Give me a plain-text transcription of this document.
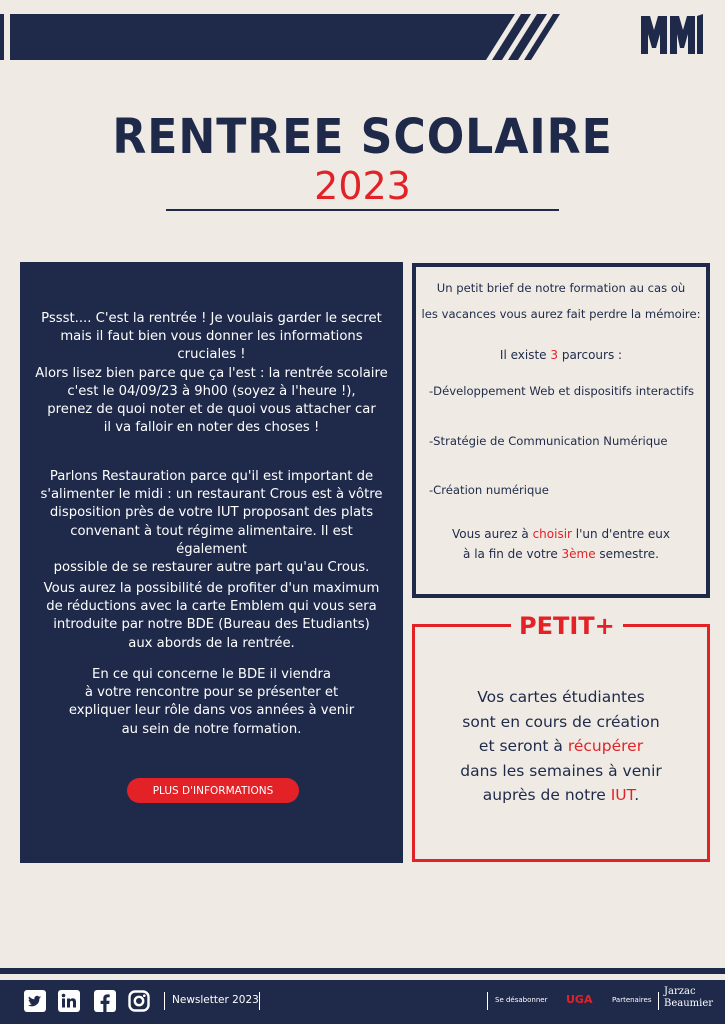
RENTREE SCOLAIRE
2023
Pssst.... C'est la rentrée ! Je voulais garder le secret
mais il faut bien vous donner les informations
cruciales !
Alors lisez bien parce que ça l'est : la rentrée scolaire
c'est le 04/09/23 à 9h00 (soyez à l'heure !),
prenez de quoi noter et de quoi vous attacher car
il va falloir en noter des choses !
Parlons Restauration parce qu'il est important de
s'alimenter le midi : un restaurant Crous est à vôtre
disposition près de votre IUT proposant des plats
convenant à tout régime alimentaire. Il est également
possible de se restaurer autre part qu'au Crous.
Vous aurez la possibilité de profiter d'un maximum
de réductions avec la carte Emblem qui vous sera
introduite par notre BDE (Bureau des Etudiants)
aux abords de la rentrée.
En ce qui concerne le BDE il viendra
à votre rencontre pour se présenter et
expliquer leur rôle dans vos années à venir
au sein de notre formation.
PLUS D'INFORMATIONS
Un petit brief de notre formation au cas où
les vacances vous aurez fait perdre la mémoire:
Il existe 3 parcours :
-Développement Web et dispositifs interactifs
-Stratégie de Communication Numérique
-Création numérique
Vous aurez à choisir l'un d'entre eux
à la fin de votre 3ème semestre.
PETIT+
Vos cartes étudiantes
sont en cours de création
et seront à récupérer
dans les semaines à venir
auprès de notre IUT.
Newsletter 2023	Se désabonner UGA	Partenaires
Jarzac
Beaumier
